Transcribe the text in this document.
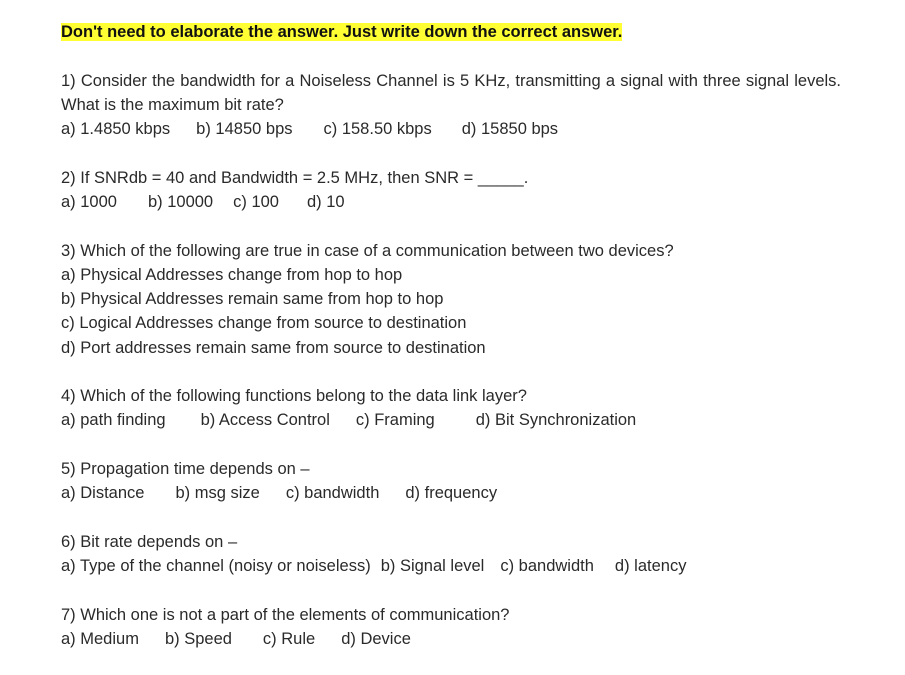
Don't need to elaborate the answer. Just write down the correct answer.
1) Consider the bandwidth for a Noiseless Channel is 5 KHz, transmitting a signal with three signal levels. What is the maximum bit rate?
a) 1.4850 kbps b) 14850 bps c) 158.50 kbps d) 15850 bps
2) If SNRdb = 40 and Bandwidth = 2.5 MHz, then SNR = _____.
a) 1000 b) 10000 c) 100 d) 10
3) Which of the following are true in case of a communication between two devices?
a) Physical Addresses change from hop to hop
b) Physical Addresses remain same from hop to hop
c) Logical Addresses change from source to destination
d) Port addresses remain same from source to destination
4) Which of the following functions belong to the data link layer?
a) path finding b) Access Control c) Framing d) Bit Synchronization
5) Propagation time depends on –
a) Distance b) msg size c) bandwidth d) frequency
6) Bit rate depends on –
a) Type of the channel (noisy or noiseless) b) Signal level c) bandwidth d) latency
7) Which one is not a part of the elements of communication?
a) Medium b) Speed c) Rule d) Device
